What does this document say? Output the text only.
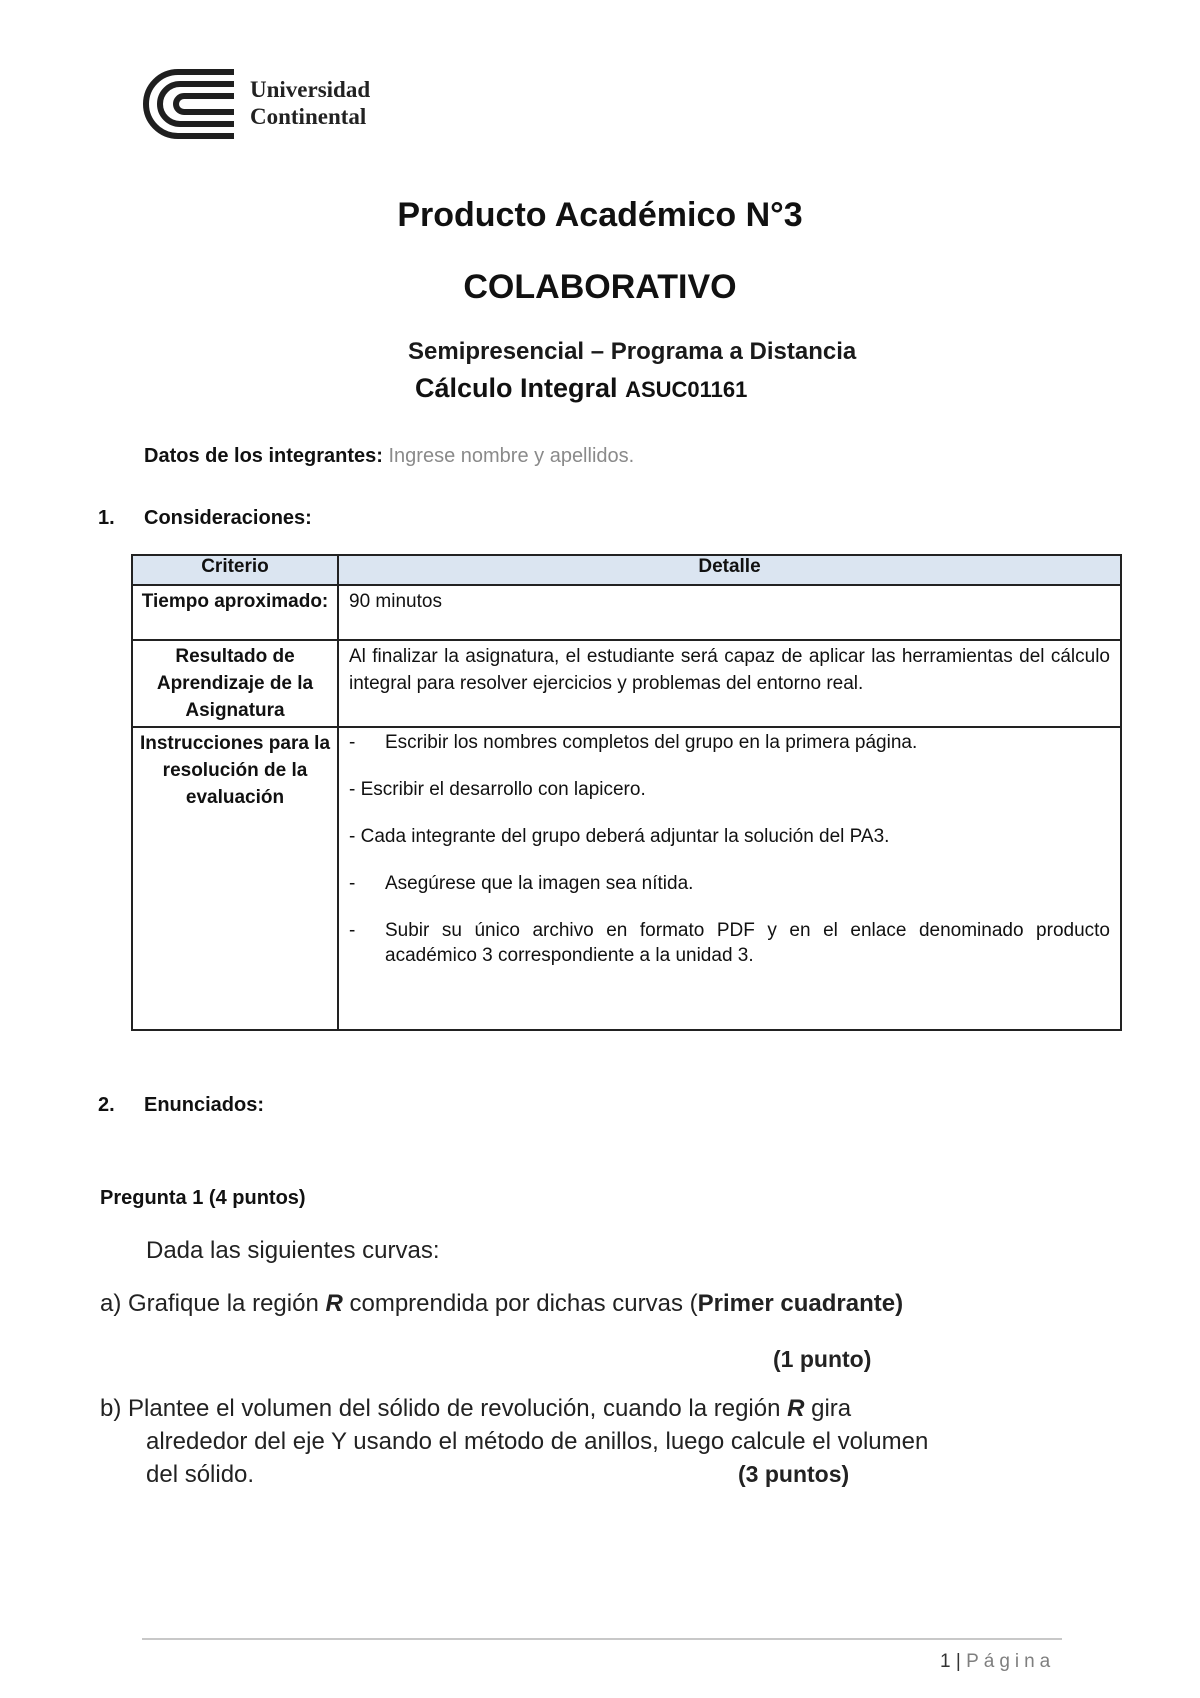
Universidad
Continental
Producto Académico N°3
COLABORATIVO
Semipresencial – Programa a Distancia
Cálculo Integral ASUC01161
Datos de los integrantes: Ingrese nombre y apellidos.
1. Consideraciones:
Criterio	Detalle
Tiempo aproximado:	90 minutos
Resultado de Aprendizaje de la Asignatura	Al finalizar la asignatura, el estudiante será capaz de aplicar las herramientas del cálculo integral para resolver ejercicios y problemas del entorno real.
Instrucciones para la resolución de la evaluación	- Escribir los nombres completos del grupo en la primera página.

- Escribir el desarrollo con lapicero.

- Cada integrante del grupo deberá adjuntar la solución del PA3.

- Asegúrese que la imagen sea nítida.

- Subir su único archivo en formato PDF y en el enlace denominado producto académico 3 correspondiente a la unidad 3.

2. Enunciados:
Pregunta 1 (4 puntos)
Dada las siguientes curvas:
a) Grafique la región R comprendida por dichas curvas (Primer cuadrante)
(1 punto)
b) Plantee el volumen del sólido de revolución, cuando la región R gira
alrededor del eje Y usando el método de anillos, luego calcule el volumen
del sólido.	(3 puntos)
1 | Página
